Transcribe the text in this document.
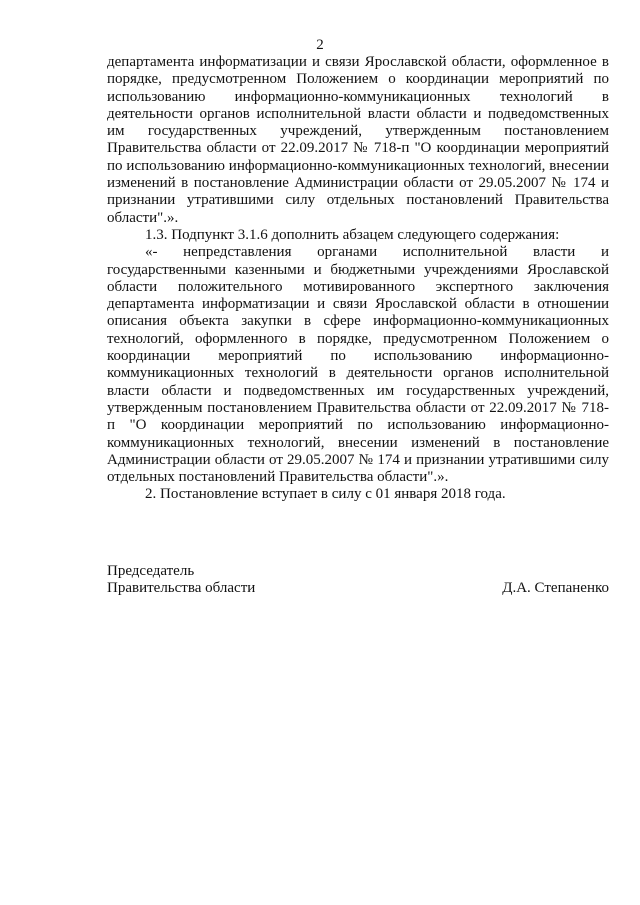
2

департамента информатизации и связи Ярославской области, оформленное в порядке, предусмотренном Положением о координации мероприятий по использованию информационно-коммуникационных технологий в деятельности органов исполнительной власти области и подведомственных им государственных учреждений, утвержденным постановлением Правительства области от 22.09.2017 № 718-п "О координации мероприятий по использованию информационно-коммуникационных технологий, внесении изменений в постановление Администрации области от 29.05.2007 № 174 и признании утратившими силу отдельных постановлений Правительства области".».

1.3. Подпункт 3.1.6 дополнить абзацем следующего содержания:

«- непредставления органами исполнительной власти и государственными казенными и бюджетными учреждениями Ярославской области положительного мотивированного экспертного заключения департамента информатизации и связи Ярославской области в отношении описания объекта закупки в сфере информационно-коммуникационных технологий, оформленного в порядке, предусмотренном Положением о координации мероприятий по использованию информационно-коммуникационных технологий в деятельности органов исполнительной власти области и подведомственных им государственных учреждений, утвержденным постановлением Правительства области от 22.09.2017 № 718-п "О координации мероприятий по использованию информационно-коммуникационных технологий, внесении изменений в постановление Администрации области от 29.05.2007 № 174 и признании утратившими силу отдельных постановлений Правительства области".».

2. Постановление вступает в силу с 01 января 2018 года.

Председатель
Правительства области	Д.А. Степаненко
